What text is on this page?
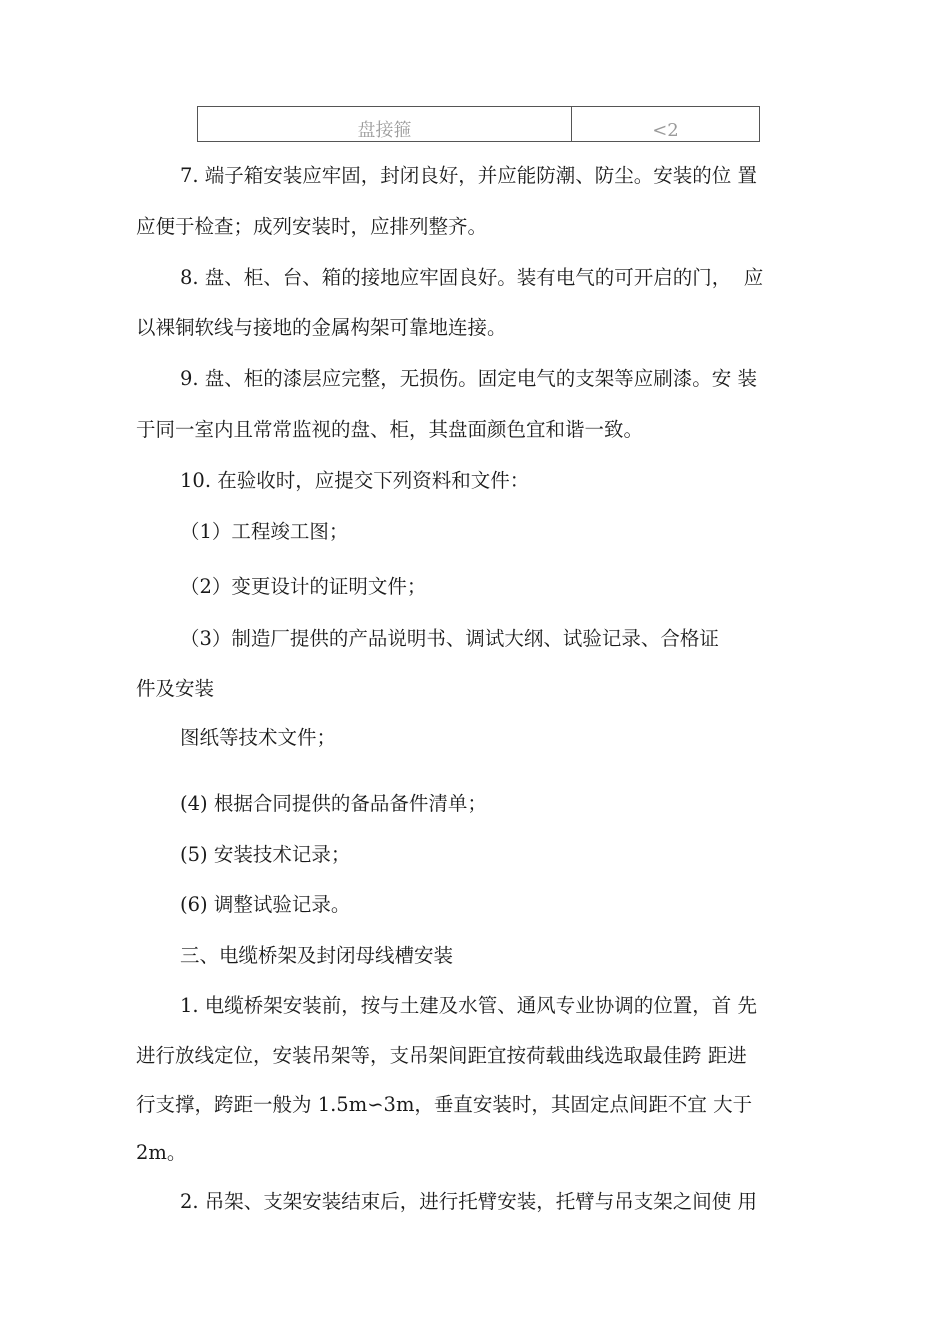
盘接箍	<2
7. 端子箱安装应牢固，封闭良好，并应能防潮、防尘。安装的位 置
应便于检查；成列安装时，应排列整齐。
8. 盘、柜、台、箱的接地应牢固良好。装有电气的可开启的门，  应
以裸铜软线与接地的金属构架可靠地连接。
9. 盘、柜的漆层应完整，无损伤。固定电气的支架等应刷漆。安 装
于同一室内且常常监视的盘、柜，其盘面颜色宜和谐一致。
10. 在验收时，应提交下列资料和文件：
（1）工程竣工图；
（2）变更设计的证明文件；
（3）制造厂提供的产品说明书、调试大纲、试验记录、合格证
件及安装
图纸等技术文件；
(4) 根据合同提供的备品备件清单；
(5) 安装技术记录；
(6) 调整试验记录。
三、电缆桥架及封闭母线槽安装
1. 电缆桥架安装前，按与土建及水管、通风专业协调的位置，首 先
进行放线定位，安装吊架等，支吊架间距宜按荷载曲线选取最佳跨 距进
行支撑，跨距一般为 1.5m∽3m，垂直安装时，其固定点间距不宜 大于
2m。
2. 吊架、支架安装结束后，进行托臂安装，托臂与吊支架之间使 用
